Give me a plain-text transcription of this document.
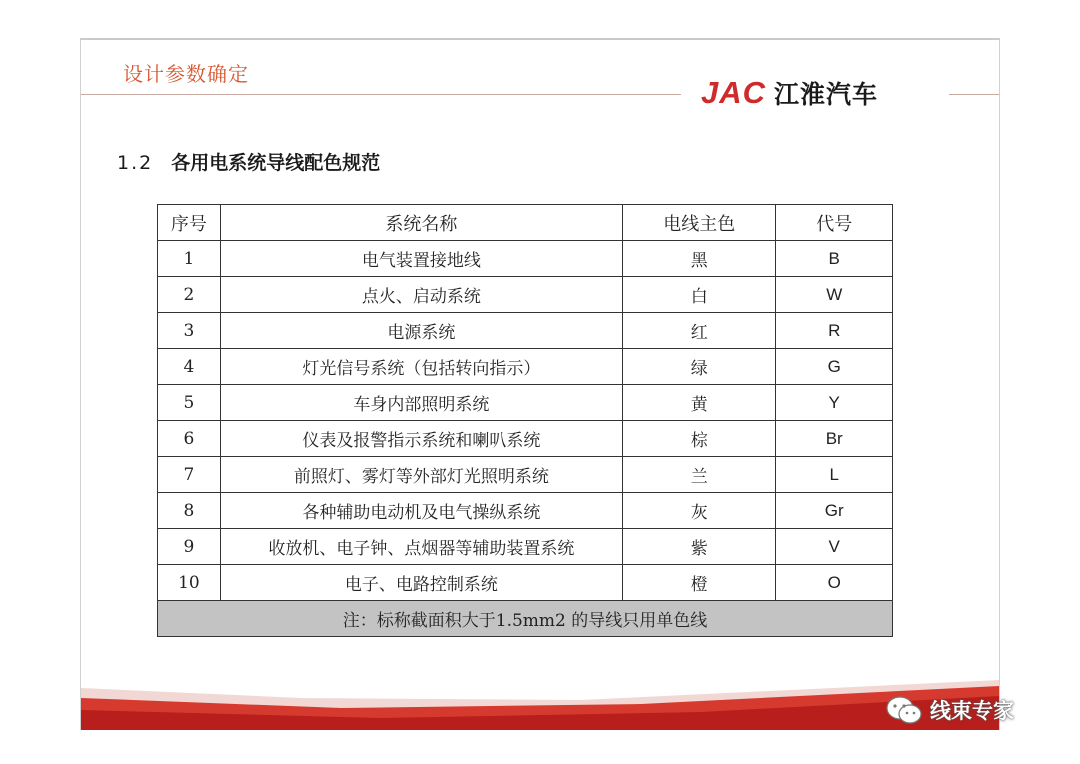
设计参数确定
JAC 江淮汽车
1.2 各用电系统导线配色规范
序号	系统名称	电线主色	代号
1	电气装置接地线	黑	B
2	点火、启动系统	白	W
3	电源系统	红	R
4	灯光信号系统（包括转向指示）	绿	G
5	车身内部照明系统	黄	Y
6	仪表及报警指示系统和喇叭系统	棕	Br
7	前照灯、雾灯等外部灯光照明系统	兰	L
8	各种辅助电动机及电气操纵系统	灰	Gr
9	收放机、电子钟、点烟器等辅助装置系统	紫	V
10	电子、电路控制系统	橙	O
注：标称截面积大于1.5mm2 的导线只用单色线			
线束专家
